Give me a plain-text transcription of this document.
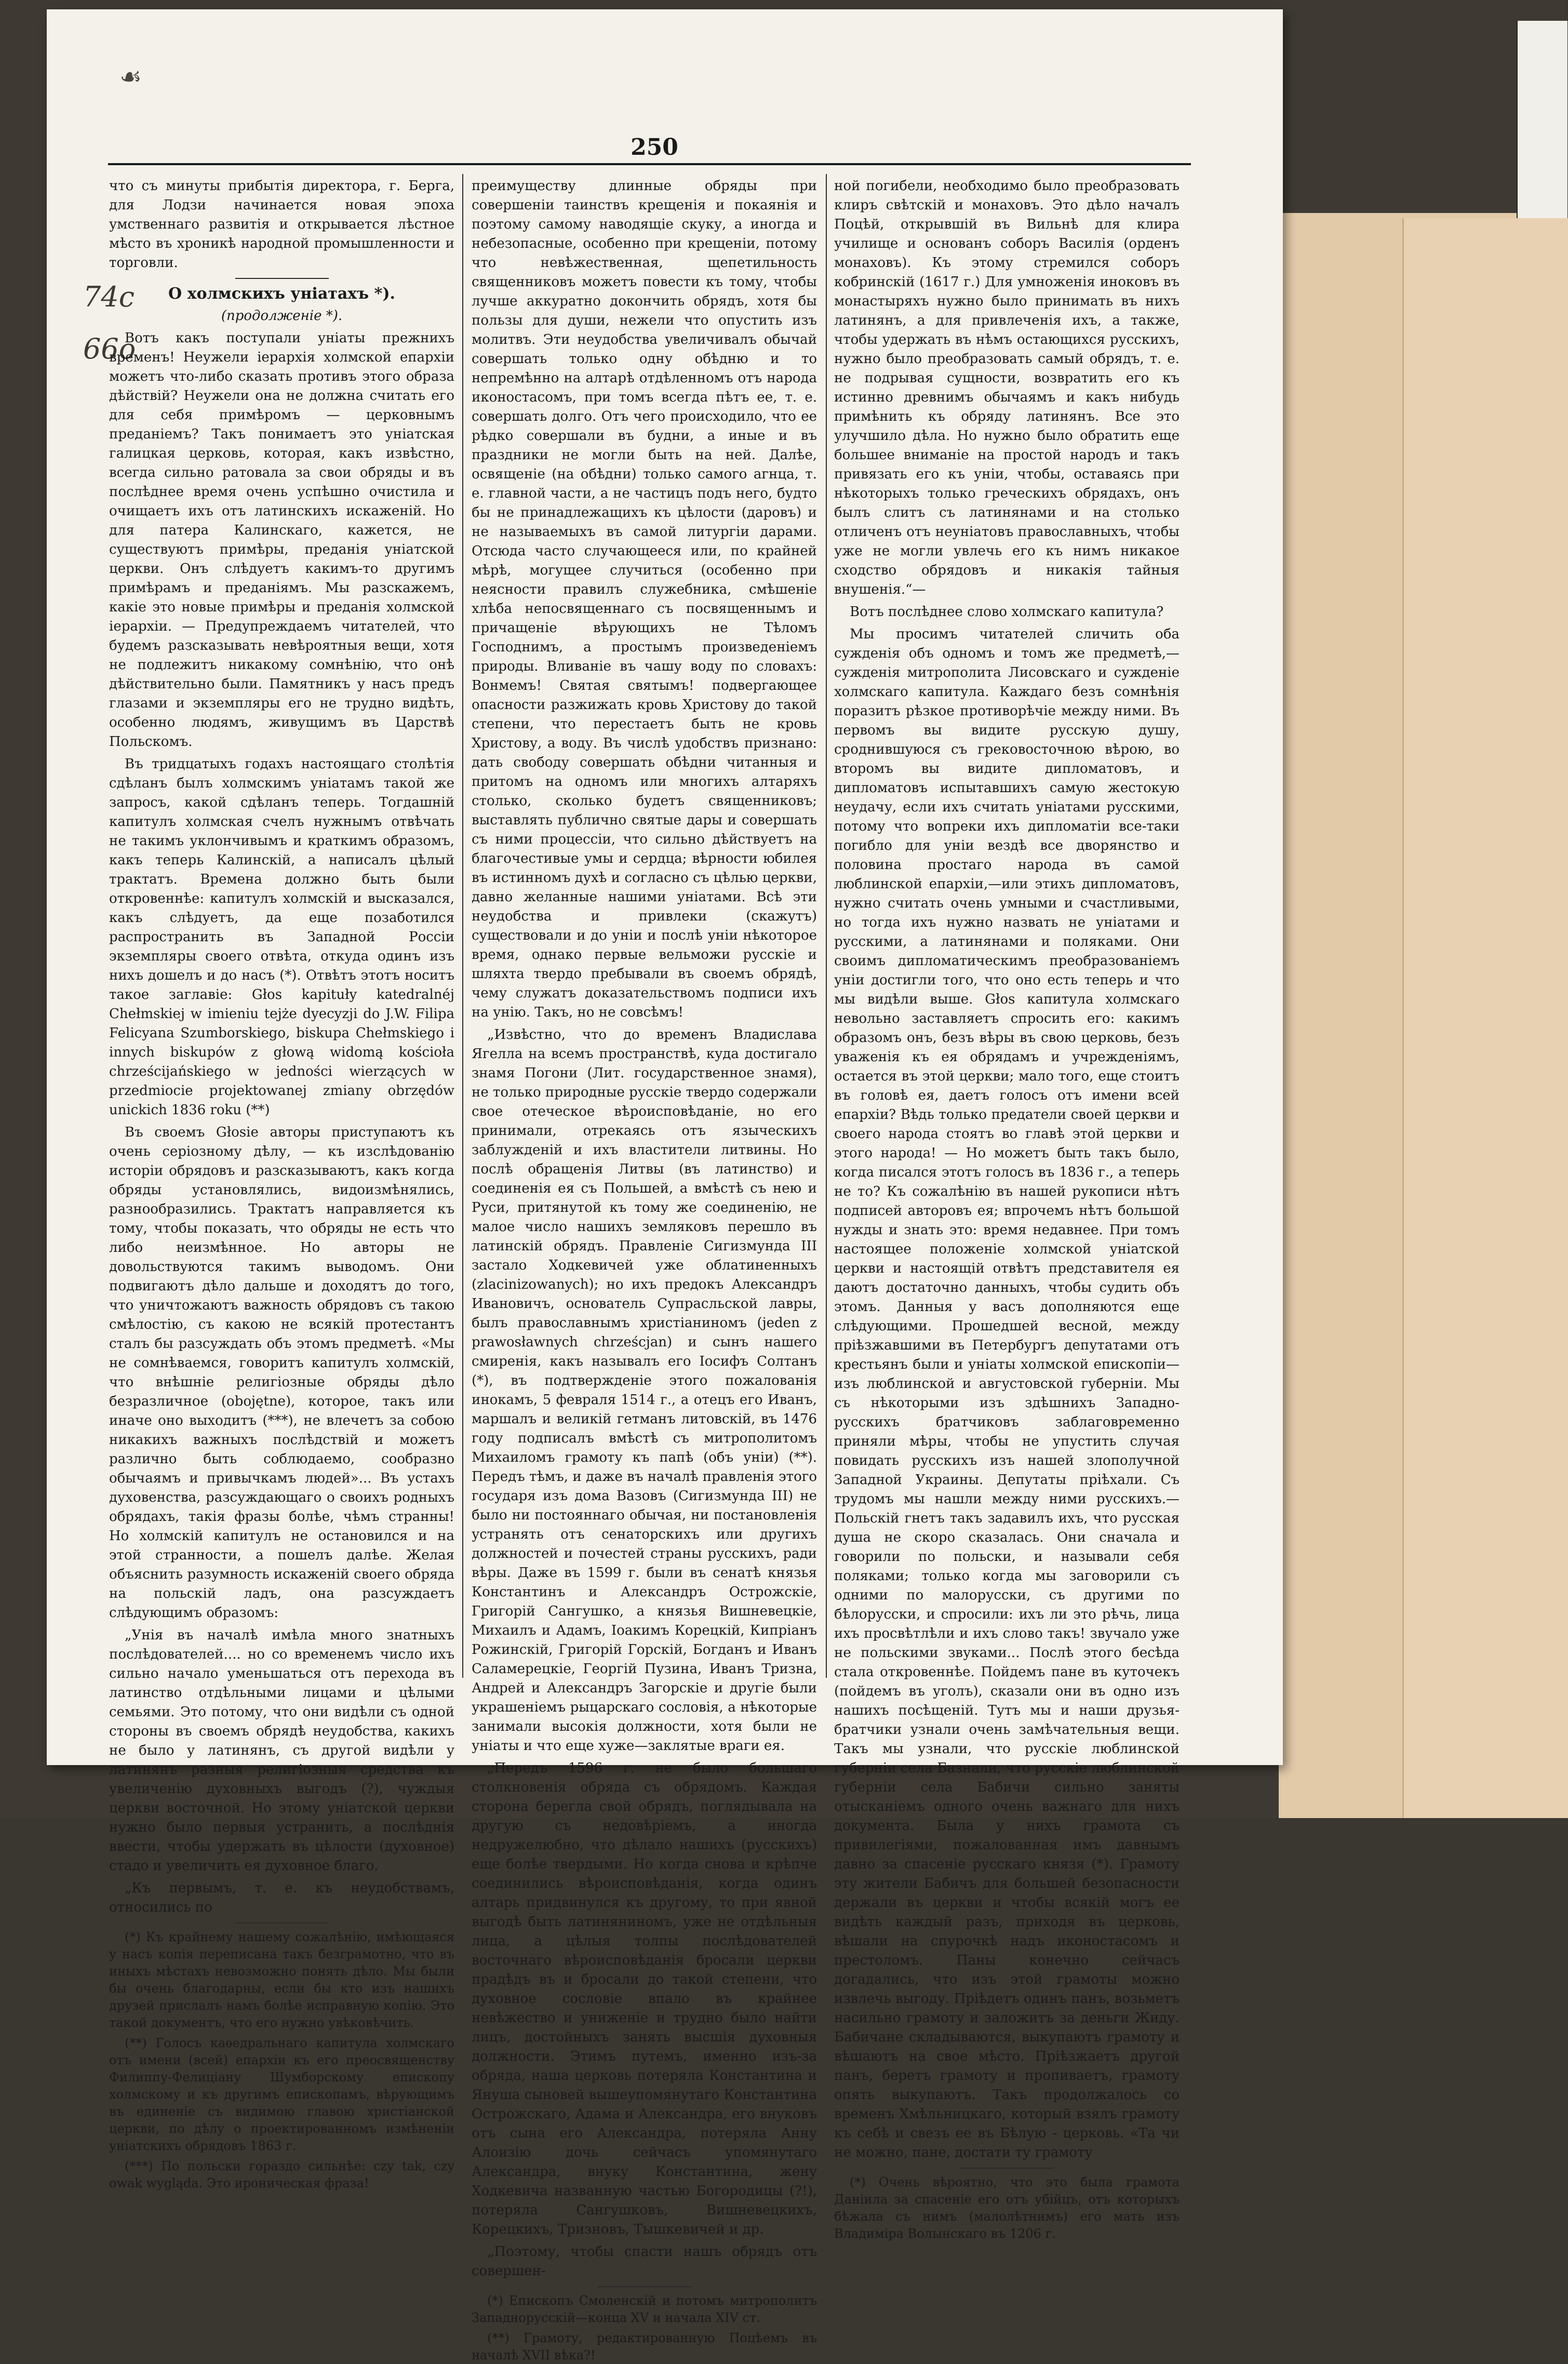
☙
74c
66o
250

что съ минуты прибытія директора, г. Берга, для Лодзи начинается новая эпоха умственнаго развитія и открывается лѣстное мѣсто въ хроникѣ народной промышленности и торговли.

О холмскихъ уніатахъ *).

(продолженіе *).

Вотъ какъ поступали уніаты прежнихъ временъ! Неужели іерархія холмской епархіи можетъ что-либо сказать противъ этого образа дѣйствій? Неужели она не должна считать его для себя примѣромъ — церковнымъ преданіемъ? Такъ понимаетъ это уніатская галицкая церковь, которая, какъ извѣстно, всегда сильно ратовала за свои обряды и въ послѣднее время очень успѣшно очистила и очищаетъ ихъ отъ латинскихъ искаженій. Но для патера Калинскаго, кажется, не существуютъ примѣры, преданія уніатской церкви. Онъ слѣдуетъ какимъ-то другимъ примѣрамъ и преданіямъ. Мы разскажемъ, какіе это новые примѣры и преданія холмской іерархіи. — Предупреждаемъ читателей, что будемъ разсказывать невѣроятныя вещи, хотя не подлежитъ никакому сомнѣнію, что онѣ дѣйствительно были. Памятникъ у насъ предъ глазами и экземпляры его не трудно видѣть, особенно людямъ, живущимъ въ Царствѣ Польскомъ.

Въ тридцатыхъ годахъ настоящаго столѣтія сдѣланъ былъ холмскимъ уніатамъ такой же запросъ, какой сдѣланъ теперь. Тогдашній капитулъ холмская счелъ нужнымъ отвѣчать не такимъ уклончивымъ и краткимъ образомъ, какъ теперь Калинскій, а написалъ цѣлый трактатъ. Времена должно быть были откровеннѣе: капитулъ холмскій и высказался, какъ слѣдуетъ, да еще позаботился распространить въ Западной Россіи экземпляры своего отвѣта, откуда одинъ изъ нихъ дошелъ и до насъ (*). Отвѣтъ этотъ носитъ такое заглавіе: Głos kapituły katedralnéj Chełmskiej w imieniu tejże dyecyzji do J.W. Filipa Felicyana Szumborskiego, biskupa Chełmskiego i innych biskupów z głową widomą kościoła chrześcijańskiego w jedności wierzących w przedmiocie projektowanej zmiany obrzędów unickich 1836 roku (**)

Въ своемъ Głosie авторы приступаютъ къ очень серіозному дѣлу, — къ изслѣдованію исторіи обрядовъ и разсказываютъ, какъ когда обряды установлялись, видоизмѣнялись, разнообразились. Трактатъ направляется къ тому, чтобы показать, что обряды не есть что либо неизмѣнное. Но авторы не довольствуются такимъ выводомъ. Они подвигаютъ дѣло дальше и доходятъ до того, что уничтожаютъ важность обрядовъ съ такою смѣлостію, съ какою не всякій протестантъ сталъ бы разсуждать объ этомъ предметѣ. «Мы не сомнѣваемся, говоритъ капитулъ холмскій, что внѣшніе религіозные обряды дѣло безразличное (obojętne), которое, такъ или иначе оно выходитъ (***), не влечетъ за собою никакихъ важныхъ послѣдствій и можетъ различно быть соблюдаемо, сообразно обычаямъ и привычкамъ людей»... Въ устахъ духовенства, разсуждающаго о своихъ родныхъ обрядахъ, такія фразы болѣе, чѣмъ странны! Но холмскій капитулъ не остановился и на этой странности, а пошелъ далѣе. Желая объяснить разумность искаженій своего обряда на польскій ладъ, она разсуждаетъ слѣдующимъ образомъ:

„Унія въ началѣ имѣла много знатныхъ послѣдователей.... но со временемъ число ихъ сильно начало уменьшаться отъ перехода въ латинство отдѣльными лицами и цѣлыми семьями. Это потому, что они видѣли съ одной стороны въ своемъ обрядѣ неудобства, какихъ не было у латинянъ, съ другой видѣли у латинянъ разныя религіозныя средства къ увеличенію духовныхъ выгодъ (?), чуждыя церкви восточной. Но этому уніатской церкви нужно было первыя устранить, а послѣднія ввести, чтобы удержать въ цѣлости (духовное) стадо и увеличить ея духовное благо.

„Къ первымъ, т. е. къ неудобствамъ, относились по

(*) Къ крайнему нашему сожалѣнію, имѣющаяся у насъ копія переписана такъ безграмотно, что въ иныхъ мѣстахъ невозможно понять дѣло. Мы были бы очень благодарны, если бы кто изъ нашихъ друзей прислалъ намъ болѣе исправную копію. Это такой документъ, что его нужно увѣковѣчить.

(**) Голосъ каѳедральнаго капитула холмскаго отъ имени (всей) епархіи къ его преосвященству Филиппу-Фелиціану Шумборскому епископу холмскому и къ другимъ епископамъ, вѣрующимъ въ единеніе съ видимою главою христіанской церкви, по дѣлу о проектированномъ измѣненіи уніатскихъ обрядовъ 1863 г.

(***) По польски гораздо сильнѣе: czy tak, czy owak wygląda. Это ироническая фраза!

преимуществу длинные обряды при совершеніи таинствъ крещенія и покаянія и поэтому самому наводящіе скуку, а иногда и небезопасные, особенно при крещеніи, потому что невѣжественная, щепетильность священниковъ можетъ повести къ тому, чтобы лучше аккуратно докончить обрядъ, хотя бы пользы для души, нежели что опустить изъ молитвъ. Эти неудобства увеличивалъ обычай совершать только одну обѣдню и то непремѣнно на алтарѣ отдѣленномъ отъ народа иконостасомъ, при томъ всегда пѣтъ ее, т. е. совершать долго. Отъ чего происходило, что ее рѣдко совершали въ будни, а иные и въ праздники не могли быть на ней. Далѣе, освященіе (на обѣдни) только самого агнца, т. е. главной части, а не частицъ подъ него, будто бы не принадлежащихъ къ цѣлости (даровъ) и не называемыхъ въ самой литургіи дарами. Отсюда часто случающееся или, по крайней мѣрѣ, могущее случиться (особенно при неясности правилъ служебника, смѣшеніе хлѣба непосвященнаго съ посвященнымъ и причащеніе вѣрующихъ не Тѣломъ Господнимъ, а простымъ произведеніемъ природы. Вливаніе въ чашу воду по словахъ: Вонмемъ! Святая святымъ! подвергающее опасности разжижать кровь Христову до такой степени, что перестаетъ быть не кровь Христову, а воду. Въ числѣ удобствъ признано: дать свободу совершать обѣдни читанныя и притомъ на одномъ или многихъ алтаряхъ столько, сколько будетъ священниковъ; выставлять публично святые дары и совершать съ ними процессіи, что сильно дѣйствуетъ на благочестивые умы и сердца; вѣрности юбилея въ истинномъ духѣ и согласно съ цѣлью церкви, давно желанные нашими уніатами. Всѣ эти неудобства и привлеки (скажутъ) существовали и до уніи и послѣ уніи нѣкоторое время, однако первые вельможи русскіе и шляхта твердо пребывали въ своемъ обрядѣ, чему служатъ доказательствомъ подписи ихъ на унію. Такъ, но не совсѣмъ!

„Извѣстно, что до временъ Владислава Ягелла на всемъ пространствѣ, куда достигало знамя Погони (Лит. государственное знамя), не только природные русскіе твердо содержали свое отеческое вѣроисповѣданіе, но его принимали, отрекаясь отъ языческихъ заблужденій и ихъ властители литвины. Но послѣ обращенія Литвы (въ латинство) и соединенія ея съ Польшей, а вмѣстѣ съ нею и Руси, притянутой къ тому же соединенію, не малое число нашихъ земляковъ перешло въ латинскій обрядъ. Правленіе Сигизмунда III застало Ходкевичей уже облатиненныхъ (zlacinizowanych); но ихъ предокъ Александръ Ивановичъ, основатель Супрасльской лавры, былъ православнымъ христіаниномъ (jeden z prawosławnych chrześcjan) и сынъ нашего смиренія, какъ называлъ его Іосифъ Солтанъ (*), въ подтвержденіе этого пожалованія инокамъ, 5 февраля 1514 г., а отецъ его Иванъ, маршалъ и великій гетманъ литовскій, въ 1476 году подписалъ вмѣстѣ съ митрополитомъ Михаиломъ грамоту къ папѣ (объ уніи) (**). Передъ тѣмъ, и даже въ началѣ правленія этого государя изъ дома Вазовъ (Сигизмунда III) не было ни постояннаго обычая, ни постановленія устранять отъ сенаторскихъ или другихъ должностей и почестей страны русскихъ, ради вѣры. Даже въ 1599 г. были въ сенатѣ князья Константинъ и Александръ Острожскіе, Григорій Сангушко, а князья Вишневецкіе, Михаилъ и Адамъ, Іоакимъ Корецкій, Кипріанъ Рожинскій, Григорій Горскій, Богданъ и Иванъ Саламерецкіе, Георгій Пузина, Иванъ Тризна, Андрей и Александръ Загорскіе и другіе были украшеніемъ рыцарскаго сословія, а нѣкоторые занимали высокія должности, хотя были не уніаты и что еще хуже—заклятые враги ея.

„Передъ 1596 г. не было большаго столкновенія обряда съ обрядомъ. Каждая сторона берегла свой обрядъ, поглядывала на другую съ недовѣріемъ, а иногда недружелюбно, что дѣлало нашихъ (русскихъ) еще болѣе твердыми. Но когда снова и крѣпче соединились вѣроисповѣданія, когда одинъ алтарь придвинулся къ другому, то при явной выгодѣ быть латиняниномъ, уже не отдѣльныя лица, а цѣлыя толпы послѣдователей восточнаго вѣроисповѣданія бросали церкви прадѣдъ въ и бросали до такой степени, что духовное сословіе впало въ крайнее невѣжество и униженіе и трудно было найти лицъ, достойныхъ занять высшія духовныя должности. Этимъ путемъ, именно изъ-за обряда, наша церковь потеряла Константина и Януша сыновей вышеупомянутаго Константина Острожскаго, Адама и Александра, его внуковъ отъ сына его Александра, потеряла Анну Алоизію дочь сейчасъ упомянутаго Александра, внуку Константина, жену Ходкевича названную частью Богородицы (?!), потеряла Сангушковъ, Вишневецкихъ, Корецкихъ, Тризновъ, Тышкевичей и др.

„Поэтому, чтобы спасти нашъ обрядъ отъ совершен-

(*) Епископъ Смоленскій и потомъ митрополитъ Западнорусскій—конца XV и начала XIV ст.

(**) Грамоту, редактированную Поцѣемъ въ началѣ XVII вѣка?!

ной погибели, необходимо было преобразовать клиръ свѣтскій и монаховъ. Это дѣло началъ Поцѣй, открывшій въ Вильнѣ для клира училище и основанъ соборъ Василія (орденъ монаховъ). Къ этому стремился соборъ кобринскій (1617 г.) Для умноженія иноковъ въ монастыряхъ нужно было принимать въ нихъ латинянъ, а для привлеченія ихъ, а также, чтобы удержать въ нѣмъ остающихся русскихъ, нужно было преобразовать самый обрядъ, т. е. не подрывая сущности, возвратить его къ истинно древнимъ обычаямъ и какъ нибудь примѣнить къ обряду латинянъ. Все это улучшило дѣла. Но нужно было обратить еще большее вниманіе на простой народъ и такъ привязать его къ уніи, чтобы, оставаясь при нѣкоторыхъ только греческихъ обрядахъ, онъ былъ слитъ съ латинянами и на столько отличенъ отъ неуніатовъ православныхъ, чтобы уже не могли увлечь его къ нимъ никакое сходство обрядовъ и никакія тайныя внушенія.“—

Вотъ послѣднее слово холмскаго капитула?

Мы просимъ читателей сличить оба сужденія объ одномъ и томъ же предметѣ,—сужденія митрополита Лисовскаго и сужденіе холмскаго капитула. Каждаго безъ сомнѣнія поразитъ рѣзкое противорѣчіе между ними. Въ первомъ вы видите русскую душу, сроднившуюся съ грековосточною вѣрою, во второмъ вы видите дипломатовъ, и дипломатовъ испытавшихъ самую жестокую неудачу, если ихъ считать уніатами русскими, потому что вопреки ихъ дипломатіи все-таки погибло для уніи вездѣ все дворянство и половина простаго народа въ самой люблинской епархіи,—или этихъ дипломатовъ, нужно считать очень умными и счастливыми, но тогда ихъ нужно назвать не уніатами и русскими, а латинянами и поляками. Они своимъ дипломатическимъ преобразованіемъ уніи достигли того, что оно есть теперь и что мы видѣли выше. Głos капитула холмскаго невольно заставляетъ спросить его: какимъ образомъ онъ, безъ вѣры въ свою церковь, безъ уваженія къ ея обрядамъ и учрежденіямъ, остается въ этой церкви; мало того, еще стоитъ въ головѣ ея, даетъ голосъ отъ имени всей епархіи? Вѣдь только предатели своей церкви и своего народа стоятъ во главѣ этой церкви и этого народа! — Но можетъ быть такъ было, когда писался этотъ голосъ въ 1836 г., а теперь не то? Къ сожалѣнію въ нашей рукописи нѣтъ подписей авторовъ ея; впрочемъ нѣтъ большой нужды и знать это: время недавнее. При томъ настоящее положеніе холмской уніатской церкви и настоящій отвѣтъ представителя ея даютъ достаточно данныхъ, чтобы судить объ этомъ. Данныя у васъ дополняются еще слѣдующими. Прошедшей весной, между пріѣзжавшими въ Петербургъ депутатами отъ крестьянъ были и уніаты холмской епископіи—изъ люблинской и августовской губерніи. Мы съ нѣкоторыми изъ здѣшнихъ Западно-русскихъ братчиковъ заблаговременно приняли мѣры, чтобы не упустить случая повидать русскихъ изъ нашей злополучной Западной Украины. Депутаты пріѣхали. Съ трудомъ мы нашли между ними русскихъ.—Польскій гнетъ такъ задавилъ ихъ, что русская душа не скоро сказалась. Они сначала и говорили по польски, и называли себя поляками; только когда мы заговорили съ одними по малорусски, съ другими по бѣлорусски, и спросили: ихъ ли это рѣчь, лица ихъ просвѣтлѣли и ихъ слово такъ! звучало уже не польскими звуками... Послѣ этого бесѣда стала откровеннѣе. Пойдемъ пане въ куточекъ (пойдемъ въ уголъ), сказали они въ одно изъ нашихъ посѣщеній. Тутъ мы и наши друзья-братчики узнали очень замѣчательныя вещи. Такъ мы узнали, что русскіе люблинской губерніи села Базнали, что русскіе люблинской губерніи села Бабичи сильно заняты отысканіемъ одного очень важнаго для нихъ документа. Была у нихъ грамота съ привилегіями, пожалованная имъ давнымъ давно за спасеніе русскаго князя (*). Грамоту эту жители Бабичъ для большей безопасности держали въ церкви и чтобы всякій могъ ее видѣть каждый разъ, приходя въ церковь, вѣшали на спурочкѣ надъ иконостасомъ и престоломъ. Паны конечно сейчасъ догадались, что изъ этой грамоты можно извлечь выгоду. Пріѣдетъ одинъ панъ, возьметъ насильно грамоту и заложитъ за деньги Жиду. Бабичане складываются, выкупаютъ грамоту и вѣшаютъ на свое мѣсто. Пріѣзжаетъ другой панъ, беретъ грамоту и пропиваетъ, грамоту опять выкупаютъ. Такъ продолжалось со временъ Хмѣльницкаго, который взялъ грамоту къ себѣ и свезъ ее въ Бѣлую - церковь. «Та чи не можно, пане, достати ту грамоту

(*) Очень вѣроятно, что это была грамота Даніила за спасеніе его отъ убійцъ, отъ которыхъ бѣжала съ нимъ (малолѣтнимъ) его мать изъ Владиміра Волынскаго въ 1206 г.
